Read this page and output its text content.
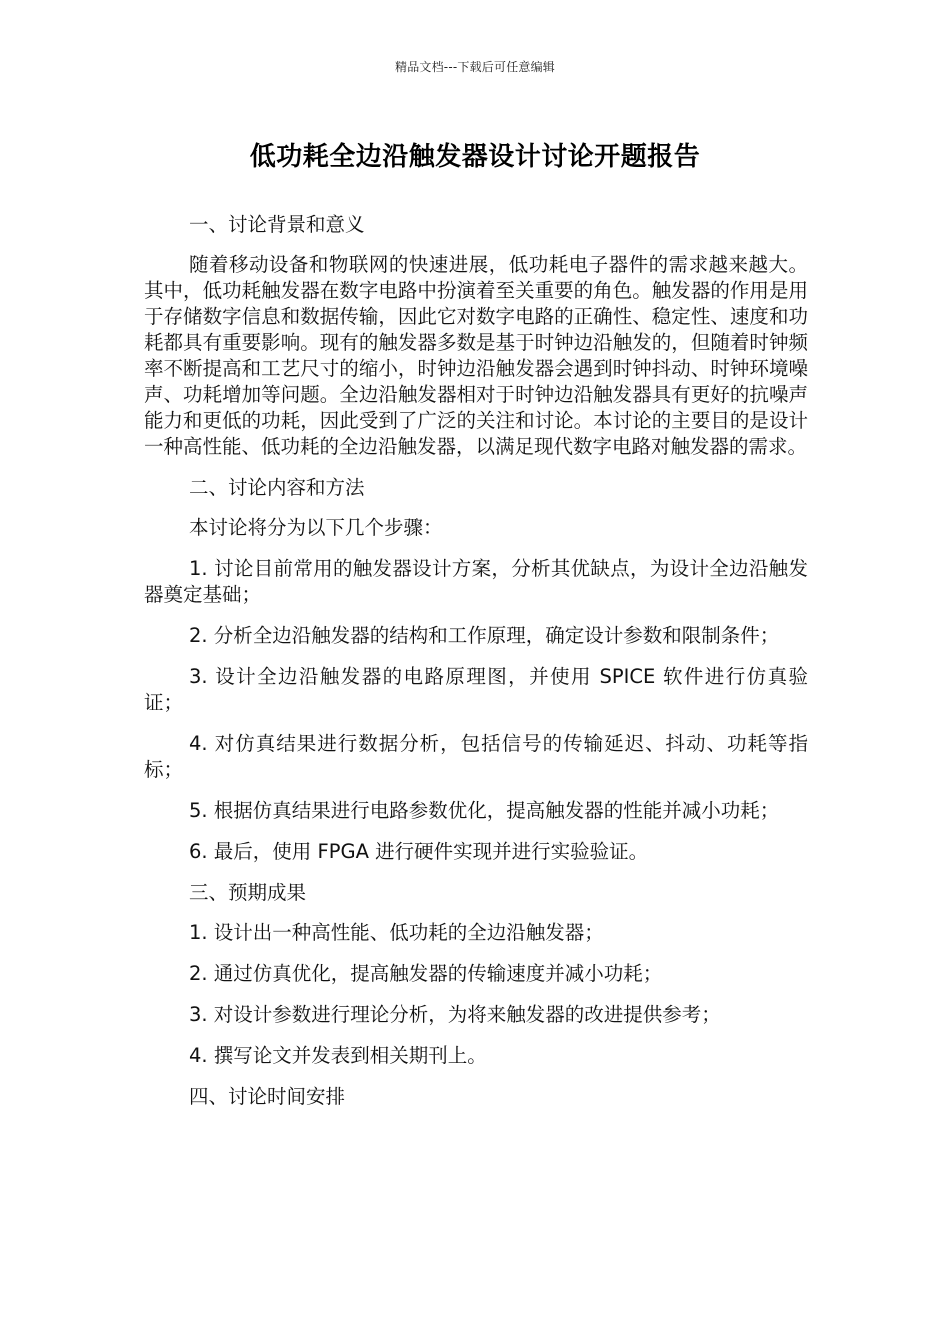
精品文档---下载后可任意编辑
低功耗全边沿触发器设计讨论开题报告

一、讨论背景和意义

随着移动设备和物联网的快速进展，低功耗电子器件的需求越来越大。其中，低功耗触发器在数字电路中扮演着至关重要的角色。触发器的作用是用于存储数字信息和数据传输，因此它对数字电路的正确性、稳定性、速度和功耗都具有重要影响。现有的触发器多数是基于时钟边沿触发的，但随着时钟频率不断提高和工艺尺寸的缩小，时钟边沿触发器会遇到时钟抖动、时钟环境噪声、功耗增加等问题。全边沿触发器相对于时钟边沿触发器具有更好的抗噪声能力和更低的功耗，因此受到了广泛的关注和讨论。本讨论的主要目的是设计一种高性能、低功耗的全边沿触发器，以满足现代数字电路对触发器的需求。

二、讨论内容和方法

本讨论将分为以下几个步骤：

1. 讨论目前常用的触发器设计方案，分析其优缺点，为设计全边沿触发器奠定基础；

2. 分析全边沿触发器的结构和工作原理，确定设计参数和限制条件；

3. 设计全边沿触发器的电路原理图，并使用 SPICE 软件进行仿真验证；

4. 对仿真结果进行数据分析，包括信号的传输延迟、抖动、功耗等指标；

5. 根据仿真结果进行电路参数优化，提高触发器的性能并减小功耗；

6. 最后，使用 FPGA 进行硬件实现并进行实验验证。

三、预期成果

1. 设计出一种高性能、低功耗的全边沿触发器；

2. 通过仿真优化，提高触发器的传输速度并减小功耗；

3. 对设计参数进行理论分析，为将来触发器的改进提供参考；

4. 撰写论文并发表到相关期刊上。

四、讨论时间安排
